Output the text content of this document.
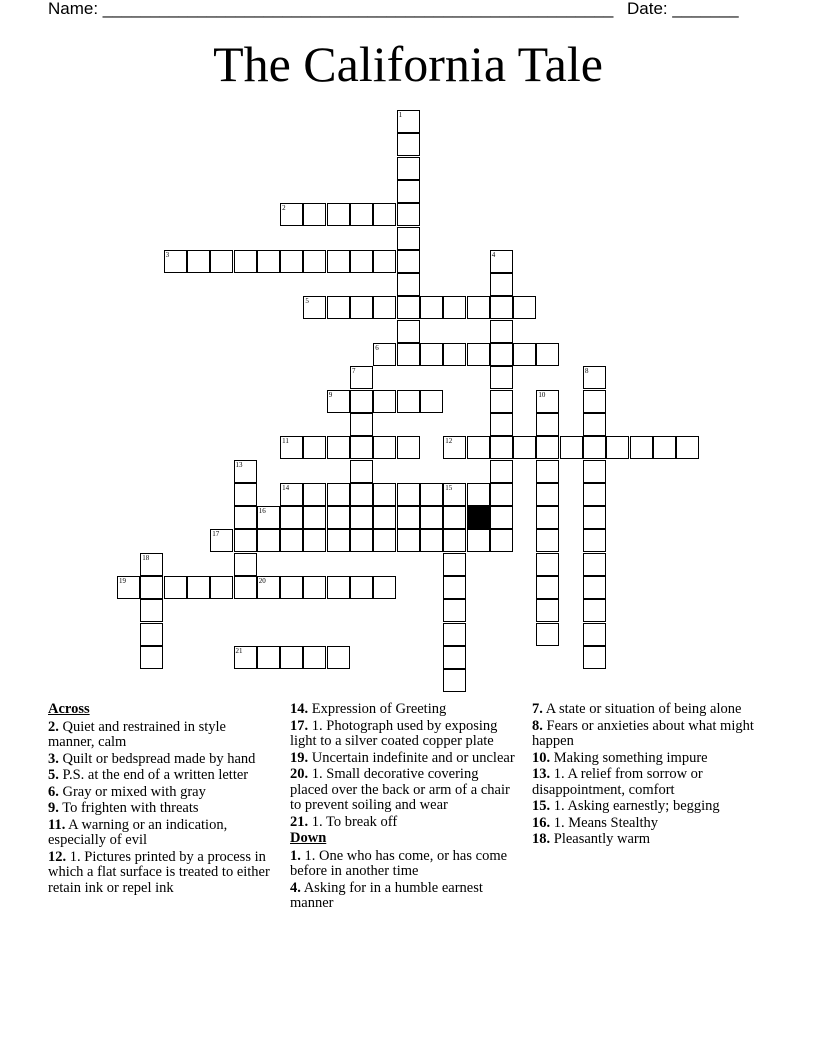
Name: ______________________________________________________ Date: _______
The California Tale
1
2
3	4
5
6
7	8
9	10
11	12
13
14	15
16
17
18
19	20
21
Across
2. Quiet and restrained in style manner, calm
3. Quilt or bedspread made by hand
5. P.S. at the end of a written letter
6. Gray or mixed with gray
9. To frighten with threats
11. A warning or an indication, especially of evil
12. 1. Pictures printed by a process in which a flat surface is treated to either retain ink or repel ink
14. Expression of Greeting
17. 1. Photograph used by exposing light to a silver coated copper plate
19. Uncertain indefinite and or unclear
20. 1. Small decorative covering placed over the back or arm of a chair to prevent soiling and wear
21. 1. To break off
Down
1. 1. One who has come, or has come before in another time
4. Asking for in a humble earnest manner
7. A state or situation of being alone
8. Fears or anxieties about what might happen
10. Making something impure
13. 1. A relief from sorrow or disappointment, comfort
15. 1. Asking earnestly; begging
16. 1. Means Stealthy
18. Pleasantly warm
